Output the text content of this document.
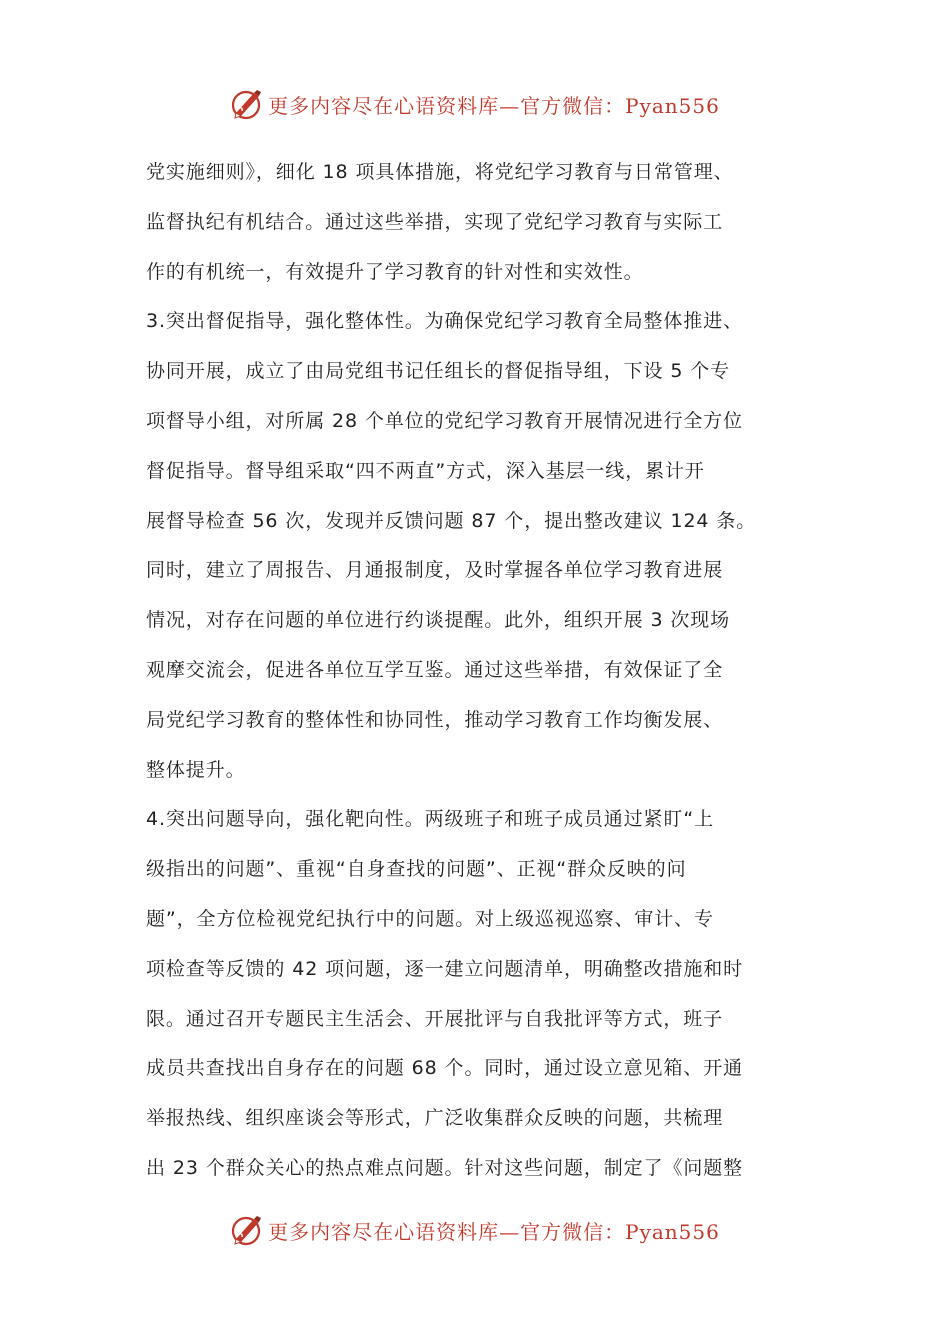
更多内容尽在心语资料库—官方微信：Pyan556
党实施细则》，细化 18 项具体措施，将党纪学习教育与日常管理、
监督执纪有机结合。通过这些举措，实现了党纪学习教育与实际工
作的有机统一，有效提升了学习教育的针对性和实效性。
3.突出督促指导，强化整体性。为确保党纪学习教育全局整体推进、
协同开展，成立了由局党组书记任组长的督促指导组，下设 5 个专
项督导小组，对所属 28 个单位的党纪学习教育开展情况进行全方位
督促指导。督导组采取“四不两直”方式，深入基层一线，累计开
展督导检查 56 次，发现并反馈问题 87 个，提出整改建议 124 条。
同时，建立了周报告、月通报制度，及时掌握各单位学习教育进展
情况，对存在问题的单位进行约谈提醒。此外，组织开展 3 次现场
观摩交流会，促进各单位互学互鉴。通过这些举措，有效保证了全
局党纪学习教育的整体性和协同性，推动学习教育工作均衡发展、
整体提升。
4.突出问题导向，强化靶向性。两级班子和班子成员通过紧盯“上
级指出的问题”、重视“自身查找的问题”、正视“群众反映的问
题”，全方位检视党纪执行中的问题。对上级巡视巡察、审计、专
项检查等反馈的 42 项问题，逐一建立问题清单，明确整改措施和时
限。通过召开专题民主生活会、开展批评与自我批评等方式，班子
成员共查找出自身存在的问题 68 个。同时，通过设立意见箱、开通
举报热线、组织座谈会等形式，广泛收集群众反映的问题，共梳理
出 23 个群众关心的热点难点问题。针对这些问题，制定了《问题整
更多内容尽在心语资料库—官方微信：Pyan556
